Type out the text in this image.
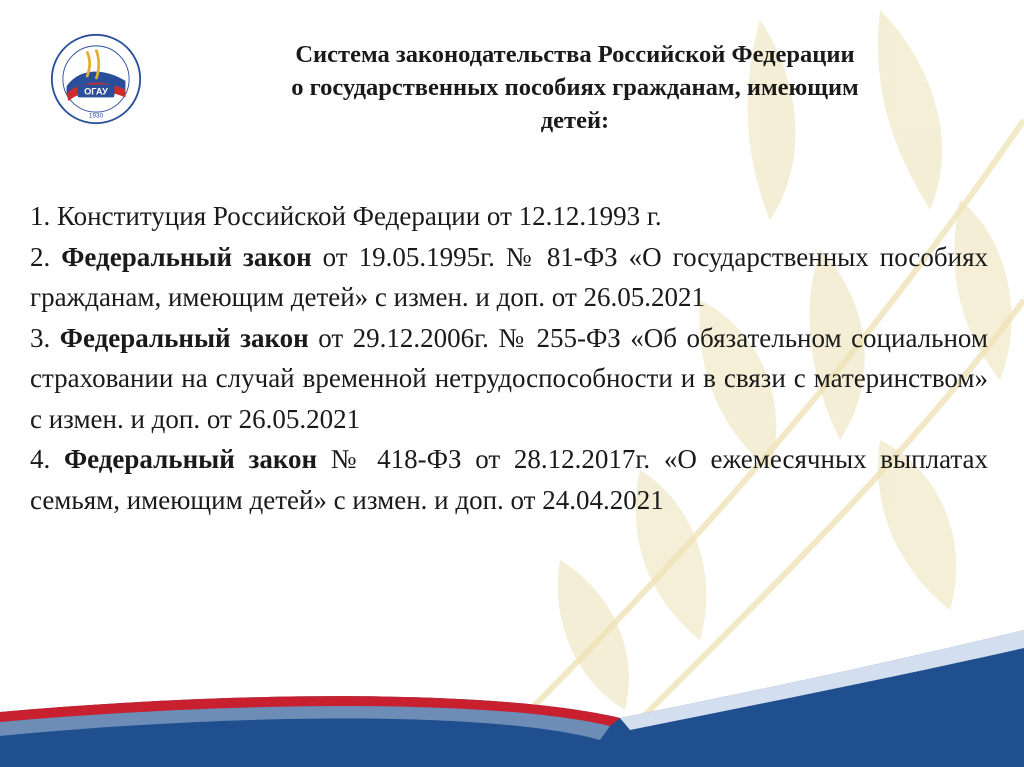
ОГАУ
1930
Система законодательства Российской Федерации
о государственных пособиях гражданам, имеющим
детей:

1. Конституция Российской Федерации от 12.12.1993 г.

2. Федеральный закон от 19.05.1995г. № 81-ФЗ «О государственных пособиях гражданам, имеющим детей» с измен. и доп. от 26.05.2021

3. Федеральный закон от 29.12.2006г. № 255-ФЗ «Об обязательном социальном страховании на случай временной нетрудоспособности и в связи с материнством» с измен. и доп. от 26.05.2021

4. Федеральный закон № 418-ФЗ от 28.12.2017г. «О ежемесячных выплатах семьям, имеющим детей» с измен. и доп. от 24.04.2021
